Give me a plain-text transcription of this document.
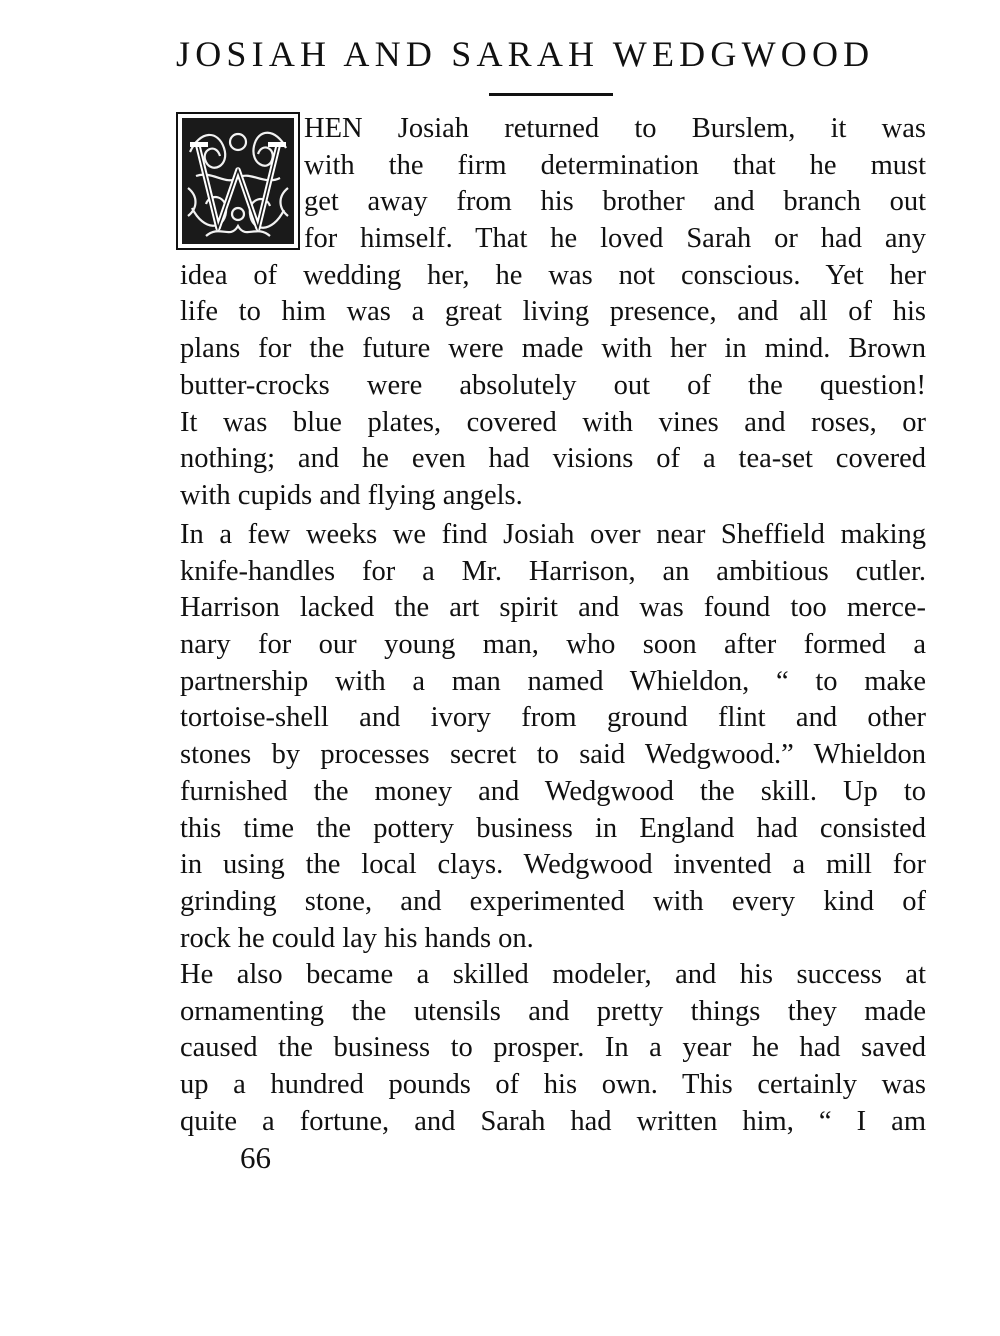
JOSIAH AND SARAH WEDGWOOD
HEN Josiah returned to Burslem, it was
with the firm determination that he must
get away from his brother and branch out
for himself. That he loved Sarah or had any
idea of wedding her, he was not conscious. Yet her
life to him was a great living presence, and all of his
plans for the future were made with her in mind. Brown
butter-crocks were absolutely out of the question!
It was blue plates, covered with vines and roses, or
nothing; and he even had visions of a tea-set covered
with cupids and flying angels.
In a few weeks we find Josiah over near Sheffield making
knife-handles for a Mr. Harrison, an ambitious cutler.
Harrison lacked the art spirit and was found too merce-
nary for our young man, who soon after formed a
partnership with a man named Whieldon, “ to make
tortoise-shell and ivory from ground flint and other
stones by processes secret to said Wedgwood.” Whieldon
furnished the money and Wedgwood the skill. Up to
this time the pottery business in England had consisted
in using the local clays. Wedgwood invented a mill for
grinding stone, and experimented with every kind of
rock he could lay his hands on.
He also became a skilled modeler, and his success at
ornamenting the utensils and pretty things they made
caused the business to prosper. In a year he had saved
up a hundred pounds of his own. This certainly was
quite a fortune, and Sarah had written him, “ I am
66
